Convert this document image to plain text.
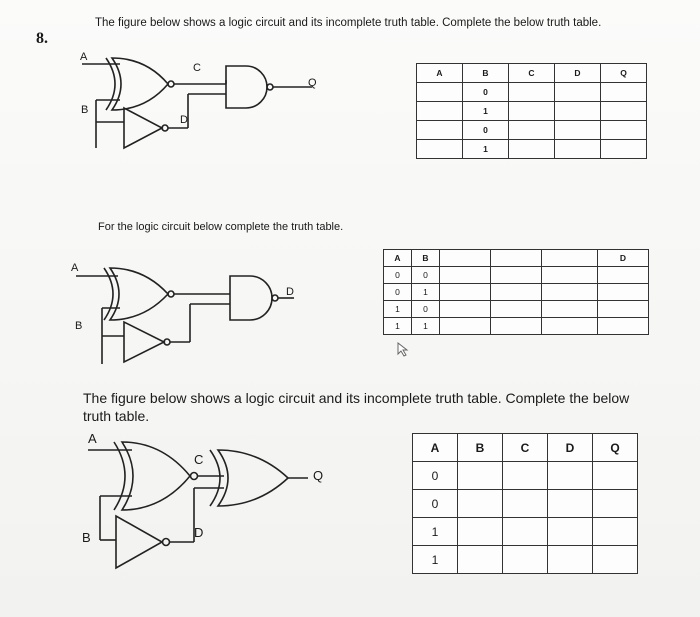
8.
The figure below shows a logic circuit and its incomplete truth table. Complete the below truth table.
A
B
C
D
Q
A	B	C	D	Q
	0			
	1			
	0			
	1			
For the logic circuit below complete the truth table.
A
B
D
A	B				D
0	0				
0	1				
1	0				
1	1				
The figure below shows a logic circuit and its incomplete truth table. Complete the below truth table.
A
B
C
D
Q
A	B	C	D	Q
0				
0				
1				
1				
